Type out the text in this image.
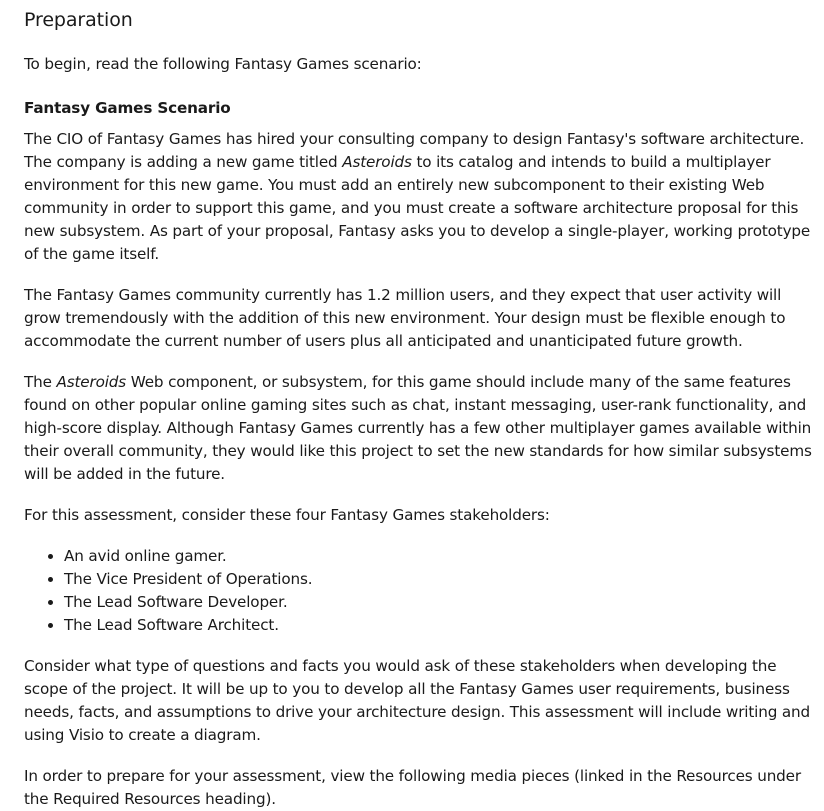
Preparation

To begin, read the following Fantasy Games scenario:

Fantasy Games Scenario

The CIO of Fantasy Games has hired your consulting company to design Fantasy's software architecture. The company is adding a new game titled Asteroids to its catalog and intends to build a multiplayer environment for this new game. You must add an entirely new subcomponent to their existing Web community in order to support this game, and you must create a software architecture proposal for this new subsystem. As part of your proposal, Fantasy asks you to develop a single-player, working prototype of the game itself.

The Fantasy Games community currently has 1.2 million users, and they expect that user activity will grow tremendously with the addition of this new environment. Your design must be flexible enough to accommodate the current number of users plus all anticipated and unanticipated future growth.

The Asteroids Web component, or subsystem, for this game should include many of the same features found on other popular online gaming sites such as chat, instant messaging, user-rank functionality, and high-score display. Although Fantasy Games currently has a few other multiplayer games available within their overall community, they would like this project to set the new standards for how similar subsystems will be added in the future.

For this assessment, consider these four Fantasy Games stakeholders:

• An avid online gamer.
• The Vice President of Operations.
• The Lead Software Developer.
• The Lead Software Architect.

Consider what type of questions and facts you would ask of these stakeholders when developing the scope of the project. It will be up to you to develop all the Fantasy Games user requirements, business needs, facts, and assumptions to drive your architecture design. This assessment will include writing and using Visio to create a diagram.

In order to prepare for your assessment, view the following media pieces (linked in the Resources under the Required Resources heading).
